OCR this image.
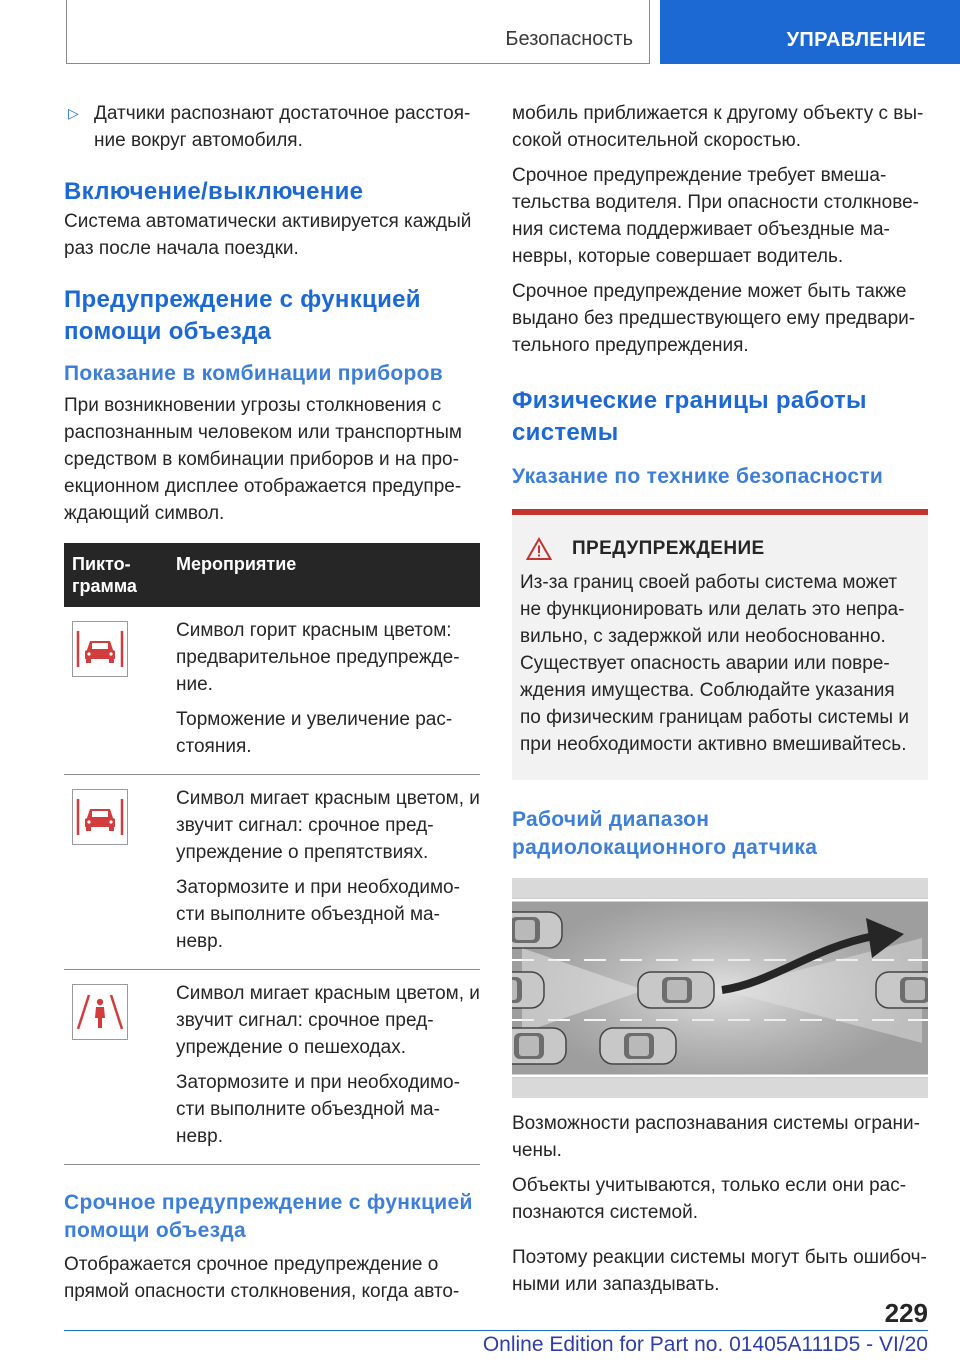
Безопасность	УПРАВЛЕНИЕ
▷ Датчики распознают достаточное расстоя-ние вокруг автомобиля.
Включение/выключение

Система автоматически активируется каждый раз после начала поездки.

Предупреждение с функцией помощи объезда
Показание в комбинации приборов

При возникновении угрозы столкновения с распознанным человеком или транспортным средством в комбинации приборов и на про-екционном дисплее отображается предупре-ждающий символ.

Пикто-грамма
Мероприятие

Символ горит красным цветом: предварительное предупрежде-ние.

Торможение и увеличение рас-стояния.

Символ мигает красным цветом, и звучит сигнал: срочное пред-упреждение о препятствиях.

Затормозите и при необходимо-сти выполните объездной ма-невр.

Символ мигает красным цветом, и звучит сигнал: срочное пред-упреждение о пешеходах.

Затормозите и при необходимо-сти выполните объездной ма-невр.

Срочное предупреждение с функцией помощи объезда

Отображается срочное предупреждение о прямой опасности столкновения, когда авто-

мобиль приближается к другому объекту с вы-сокой относительной скоростью.

Срочное предупреждение требует вмеша-тельства водителя. При опасности столкнове-ния система поддерживает объездные ма-невры, которые совершает водитель.

Срочное предупреждение может быть также выдано без предшествующего ему предвари-тельного предупреждения.

Физические границы работы системы
Указание по технике безопасности
ПРЕДУПРЕЖДЕНИЕ

Из-за границ своей работы система может не функционировать или делать это непра-вильно, с задержкой или необоснованно. Существует опасность аварии или повре-ждения имущества. Соблюдайте указания по физическим границам работы системы и при необходимости активно вмешивайтесь.

Рабочий диапазон радиолокационного датчика

Возможности распознавания системы ограни-чены.

Объекты учитываются, только если они рас-познаются системой.

Поэтому реакции системы могут быть ошибоч-ными или запаздывать.

229
Online Edition for Part no. 01405A111D5 - VI/20
